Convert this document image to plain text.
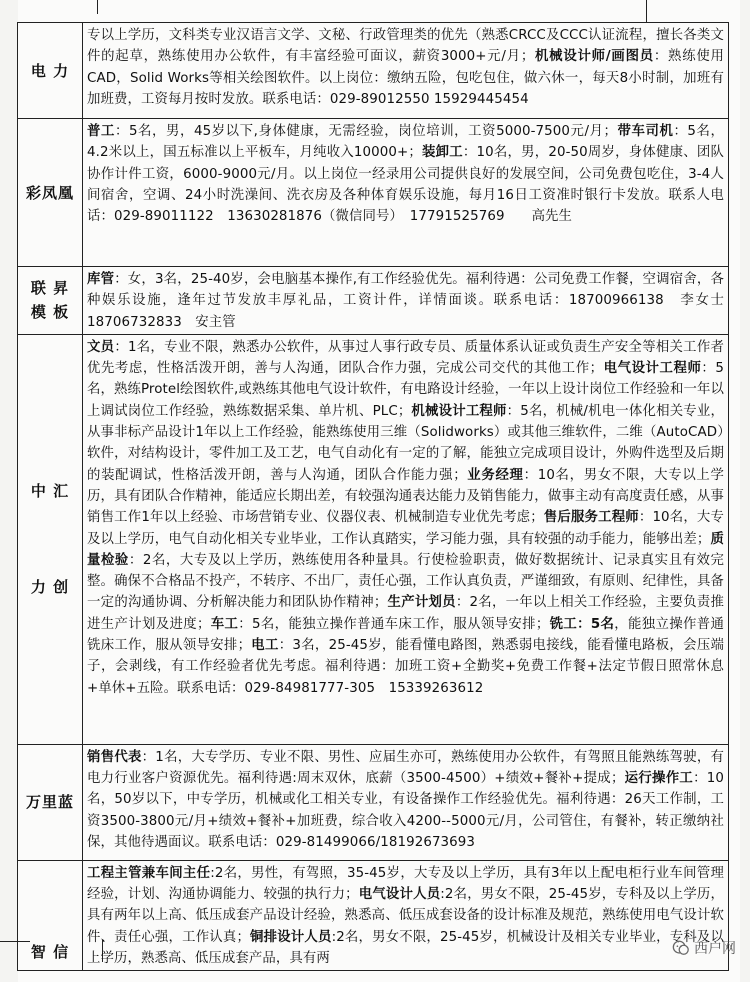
电 力	专以上学历，文科类专业汉语言文学、文秘、行政管理类的优先（熟悉CRCC及CCC认证流程，擅长各类文件的起草，熟练使用办公软件，有丰富经验可面议，薪资3000+元/月；机械设计师/画图员：熟练使用CAD，Solid Works等相关绘图软件。以上岗位：缴纳五险，包吃包住，做六休一，每天8小时制，加班有加班费，工资每月按时发放。联系电话：029-89012550 15929445454
彩凤凰	普工：5名，男，45岁以下,身体健康，无需经验，岗位培训，工资5000-7500元/月；带车司机：5名，4.2米以上，国五标准以上平板车，月纯收入10000+；装卸工：10名，男，20-50周岁，身体健康、团队协作计件工资，6000-9000元/月。以上岗位一经录用公司提供良好的发展空间，公司免费包吃住，3-4人间宿舍，空调、24小时洗澡间、洗衣房及各种体育娱乐设施，每月16日工资准时银行卡发放。联系人电话：029-89011122　13630281876（微信同号）　17791525769　　高先生
联 昇
模 板	库管：女，3名，25-40岁，会电脑基本操作,有工作经验优先。福利待遇：公司免费工作餐，空调宿舍，各种娱乐设施，逢年过节发放丰厚礼品，工资计件，详情面谈。联系电话：18700966138　李女士　18706732833　安主管
中 汇

力 创	文员：1名，专业不限，熟悉办公软件，从事过人事行政专员、质量体系认证或负责生产安全等相关工作者优先考虑，性格活泼开朗，善与人沟通，团队合作力强，完成公司交代的其他工作；电气设计工程师：5名，熟练Protel绘图软件,或熟练其他电气设计软件，有电路设计经验，一年以上设计岗位工作经验和一年以上调试岗位工作经验，熟练数据采集、单片机、PLC；机械设计工程师：5名，机械/机电一体化相关专业，从事非标产品设计1年以上工作经验，能熟练使用三维（Solidworks）或其他三维软件，二维（AutoCAD）软件，对结构设计，零件加工及工艺，电气自动化有一定的了解，能独立完成项目设计，外购件选型及后期的装配调试，性格活泼开朗，善与人沟通，团队合作能力强；业务经理：10名，男女不限，大专以上学历，具有团队合作精神，能适应长期出差，有较强沟通表达能力及销售能力，做事主动有高度责任感，从事销售工作1年以上经验、市场营销专业、仪器仪表、机械制造专业优先考虑；售后服务工程师：10名，大专及以上学历，电气自动化相关专业毕业，工作认真踏实，学习能力强，具有较强的动手能力，能够出差；质量检验：2名，大专及以上学历，熟练使用各种量具。行使检验职责，做好数据统计、记录真实且有效完整。确保不合格品不投产，不转序、不出厂，责任心强，工作认真负责，严谨细致，有原则、纪律性，具备一定的沟通协调、分析解决能力和团队协作精神；生产计划员：2名，一年以上相关工作经验，主要负责推进生产计划及进度；车工：5名，能独立操作普通车床工作，服从领导安排；铣工：5名，能独立操作普通铣床工作，服从领导安排；电工：3名，25-45岁，能看懂电路图，熟悉弱电接线，能看懂电路板，会压端子，会剥线，有工作经验者优先考虑。福利待遇：加班工资+全勤奖+免费工作餐+法定节假日照常休息+单休+五险。联系电话：029-84981777-305　15339263612
万里蓝	销售代表：1名，大专学历、专业不限、男性、应届生亦可，熟练使用办公软件，有驾照且能熟练驾驶，有电力行业客户资源优先。福利待遇:周末双休，底薪（3500-4500）+绩效+餐补+提成；运行操作工：10名，50岁以下，中专学历，机械或化工相关专业，有设备操作工作经验优先。福利待遇：26天工作制，工资3500-3800元/月+绩效+餐补+加班费，综合收入4200--5000元/月，公司管住，有餐补，转正缴纳社保，其他待遇面议。联系电话：029-81499066/18192673693

智 信	工程主管兼车间主任:2名，男性，有驾照，35-45岁，大专及以上学历，具有3年以上配电柜行业车间管理经验，计划、沟通协调能力、较强的执行力；电气设计人员:2名，男女不限，25-45岁，专科及以上学历，具有两年以上高、低压成套产品设计经验，熟悉高、低压成套设备的设计标准及规范，熟练使用电气设计软件、责任心强，工作认真；铜排设计人员:2名，男女不限，25-45岁，机械设计及相关专业毕业，专科及以上学历，熟悉高、低压成套产品，具有两
西户网
